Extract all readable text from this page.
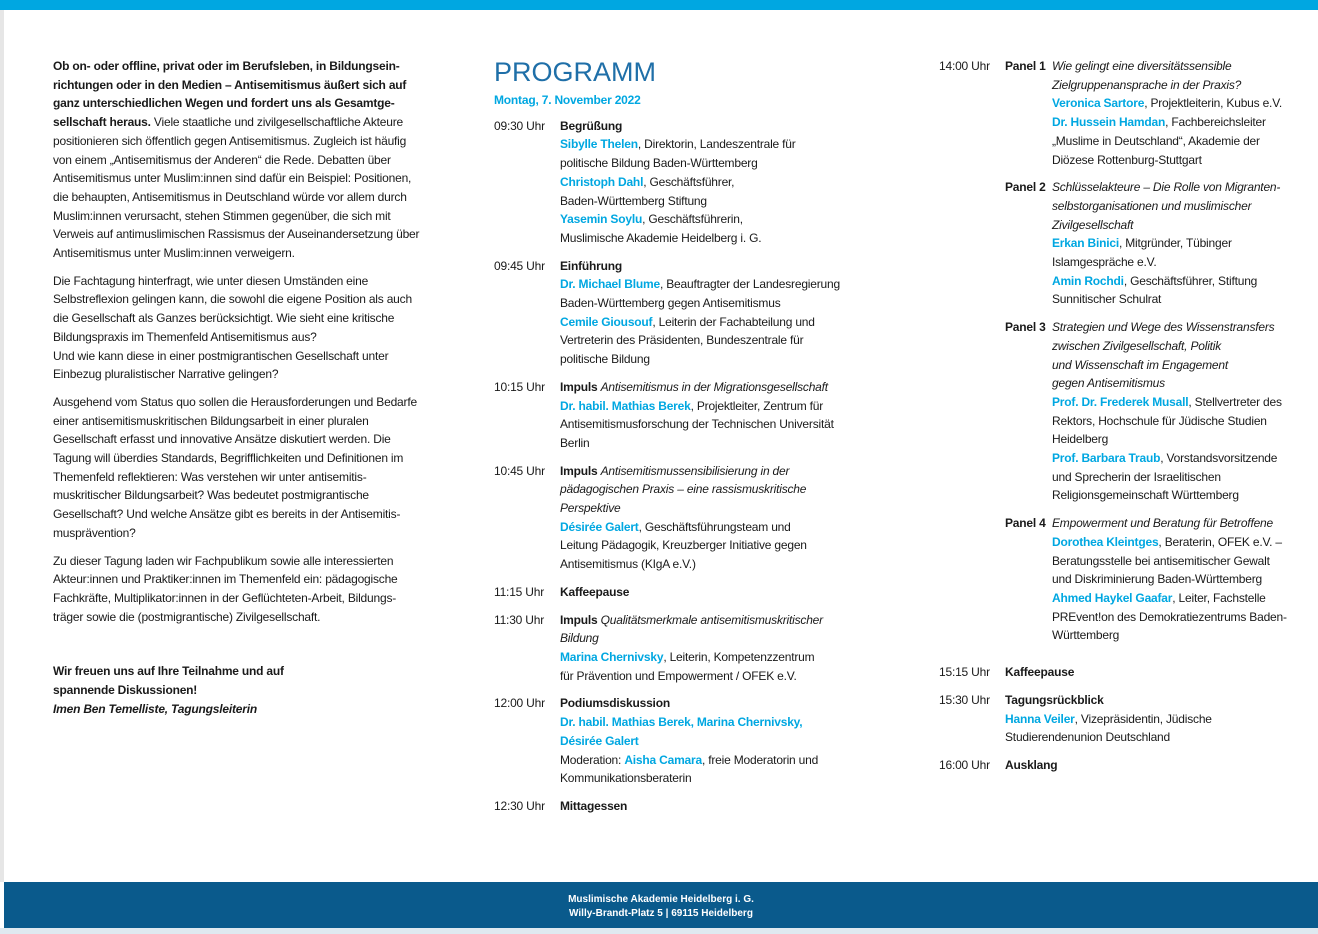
Ob on- oder offline, privat oder im Berufsleben, in Bildungseinrichtungen oder in den Medien – Antisemitismus äußert sich auf ganz unterschiedlichen Wegen und fordert uns als Gesamtgesellschaft heraus. Viele staatliche und zivilgesellschaftliche Akteure positionieren sich öffentlich gegen Antisemitismus. Zugleich ist häufig von einem „Antisemitismus der Anderen“ die Rede. Debatten über Antisemitismus unter Muslim:innen sind dafür ein Beispiel: Positionen, die behaupten, Antisemitismus in Deutschland würde vor allem durch Muslim:innen verursacht, stehen Stimmen gegenüber, die sich mit Verweis auf antimuslimischen Rassismus der Auseinandersetzung über Antisemitismus unter Muslim:innen verweigern.

Die Fachtagung hinterfragt, wie unter diesen Umständen eine Selbstreflexion gelingen kann, die sowohl die eigene Position als auch die Gesellschaft als Ganzes berücksichtigt. Wie sieht eine kritische Bildungspraxis im Themenfeld Antisemitismus aus?
Und wie kann diese in einer postmigrantischen Gesellschaft unter Einbezug pluralistischer Narrative gelingen?

Ausgehend vom Status quo sollen die Herausforderungen und Bedarfe einer antisemitismuskritischen Bildungsarbeit in einer pluralen Gesellschaft erfasst und innovative Ansätze diskutiert werden. Die Tagung will überdies Standards, Begrifflichkeiten und Definitionen im Themenfeld reflektieren: Was verstehen wir unter antisemitismuskritischer Bildungsarbeit? Was bedeutet postmigrantische Gesellschaft? Und welche Ansätze gibt es bereits in der Antisemitismusprävention?

Zu dieser Tagung laden wir Fachpublikum sowie alle interessierten Akteur:innen und Praktiker:innen im Themenfeld ein: pädagogische Fachkräfte, Multiplikator:innen in der Geflüchteten-Arbeit, Bildungsträger sowie die (postmigrantische) Zivilgesellschaft.

Wir freuen uns auf Ihre Teilnahme und auf
spannende Diskussionen!
Imen Ben Temelliste, Tagungsleiterin
PROGRAMM
Montag, 7. November 2022
09:30 Uhr	Begrüßung
Sibylle Thelen, Direktorin, Landeszentrale für
politische Bildung Baden-Württemberg
Christoph Dahl, Geschäftsführer,
Baden-Württemberg Stiftung
Yasemin Soylu, Geschäftsführerin,
Muslimische Akademie Heidelberg i. G.
09:45 Uhr	Einführung
Dr. Michael Blume, Beauftragter der Landesregierung
Baden-Württemberg gegen Antisemitismus
Cemile Giousouf, Leiterin der Fachabteilung und
Vertreterin des Präsidenten, Bundeszentrale für
politische Bildung
10:15 Uhr	Impuls Antisemitismus in der Migrationsgesellschaft
Dr. habil. Mathias Berek, Projektleiter, Zentrum für
Antisemitismusforschung der Technischen Universität
Berlin
10:45 Uhr	Impuls Antisemitismussensibilisierung in der
pädagogischen Praxis – eine rassismuskritische
Perspektive
Désirée Galert, Geschäftsführungsteam und
Leitung Pädagogik, Kreuzberger Initiative gegen
Antisemitismus (KIgA e.V.)
11:15 Uhr	Kaffeepause
11:30 Uhr	Impuls Qualitätsmerkmale antisemitismuskritischer
Bildung
Marina Chernivsky, Leiterin, Kompetenzzentrum
für Prävention und Empowerment / OFEK e.V.
12:00 Uhr	Podiumsdiskussion
Dr. habil. Mathias Berek, Marina Chernivsky,
Désirée Galert
Moderation: Aisha Camara, freie Moderatorin und
Kommunikationsberaterin
12:30 Uhr	Mittagessen
14:00 Uhr	Panel 1 Wie gelingt eine diversitätssensible
Zielgruppenansprache in der Praxis?
Veronica Sartore, Projektleiterin, Kubus e.V.
Dr. Hussein Hamdan, Fachbereichsleiter
„Muslime in Deutschland“, Akademie der
Diözese Rottenburg-Stuttgart
Panel 2 Schlüsselakteure – Die Rolle von Migranten-
selbstorganisationen und muslimischer
Zivilgesellschaft
Erkan Binici, Mitgründer, Tübinger
Islamgespräche e.V.
Amin Rochdi, Geschäftsführer, Stiftung
Sunnitischer Schulrat
Panel 3 Strategien und Wege des Wissenstransfers
zwischen Zivilgesellschaft, Politik
und Wissenschaft im Engagement
gegen Antisemitismus
Prof. Dr. Frederek Musall, Stellvertreter des
Rektors, Hochschule für Jüdische Studien
Heidelberg
Prof. Barbara Traub, Vorstandsvorsitzende
und Sprecherin der Israelitischen
Religionsgemeinschaft Württemberg
Panel 4 Empowerment und Beratung für Betroffene
Dorothea Kleintges, Beraterin, OFEK e.V. –
Beratungsstelle bei antisemitischer Gewalt
und Diskriminierung Baden-Württemberg
Ahmed Haykel Gaafar, Leiter, Fachstelle
PREvent!on des Demokratiezentrums Baden-
Württemberg
15:15 Uhr	Kaffeepause
15:30 Uhr	Tagungsrückblick
Hanna Veiler, Vizepräsidentin, Jüdische
Studierendenunion Deutschland
16:00 Uhr	Ausklang
Muslimische Akademie Heidelberg i. G.
Willy-Brandt-Platz 5 | 69115 Heidelberg
